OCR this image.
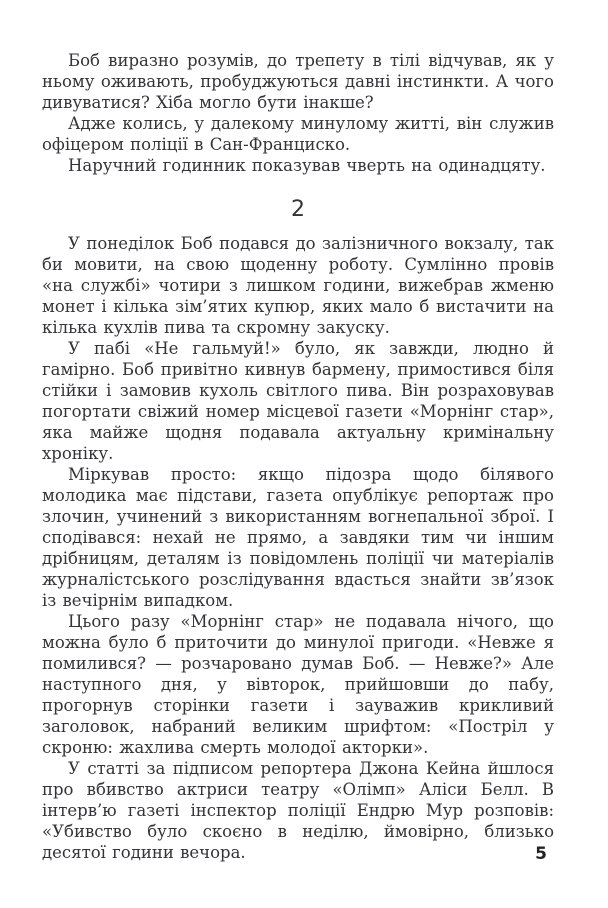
Боб виразно розумів, до трепету в тілі відчував, як у ньому оживають, пробуджуються давні інстинкти. А чого дивуватися? Хіба могло бути інакше?

Адже колись, у далекому минулому житті, він служив офіцером поліції в Сан-Франциско.

Наручний годинник показував чверть на одинадцяту.

2

У понеділок Боб подався до залізничного вокзалу, так би мовити, на свою щоденну роботу. Сумлінно провів «на службі» чотири з лишком години, вижебрав жменю монет і кілька зім’ятих купюр, яких мало б вистачити на кілька кухлів пива та скромну закуску.

У пабі «Не гальмуй!» було, як завжди, людно й гамірно. Боб привітно кивнув бармену, примостився біля стійки і замовив кухоль світлого пива. Він розраховував погортати свіжий номер місцевої газети «Морнінг стар», яка майже щодня подавала актуальну кримінальну хроніку.

Міркував просто: якщо підозра щодо білявого молодика має підстави, газета опублікує репортаж про злочин, учинений з використанням вогнепальної зброї. І сподівався: нехай не прямо, а завдяки тим чи іншим дрібницям, деталям із повідомлень поліції чи матеріалів журналістського розслідування вдасться знайти зв’язок із вечірнім випадком.

Цього разу «Морнінг стар» не подавала нічого, що можна було б приточити до минулої пригоди. «Невже я помилився? — розчаровано думав Боб. — Невже?» Але наступного дня, у вівторок, прийшовши до пабу, прогорнув сторінки газети і зауважив крикливий заголовок, набраний великим шрифтом: «Постріл у скроню: жахлива смерть молодої акторки».

У статті за підписом репортера Джона Кейна йшлося про вбивство актриси театру «Олімп» Аліси Белл. В інтерв’ю газеті інспектор поліції Ендрю Мур розповів: «Убивство було скоєно в неділю, ймовірно, близько десятої години вечора.	5
